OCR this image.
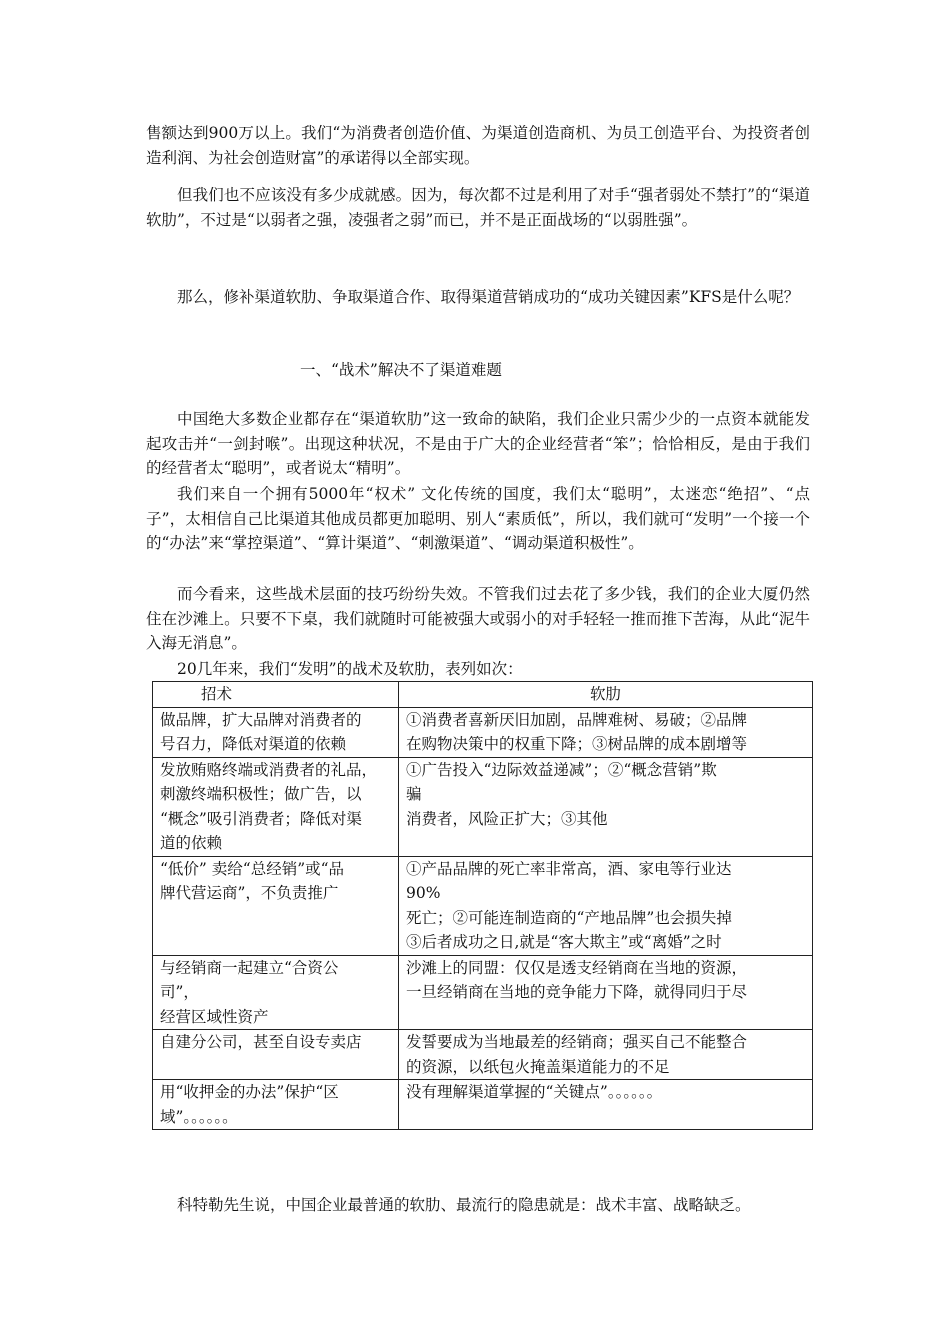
售额达到900万以上。我们“为消费者创造价值、为渠道创造商机、为员工创造平台、为投资者创造利润、为社会创造财富”的承诺得以全部实现。

但我们也不应该没有多少成就感。因为，每次都不过是利用了对手“强者弱处不禁打”的“渠道软肋”，不过是“以弱者之强，凌强者之弱”而已，并不是正面战场的“以弱胜强”。

那么，修补渠道软肋、争取渠道合作、取得渠道营销成功的“成功关键因素”KFS是什么呢？

一、“战术”解决不了渠道难题

中国绝大多数企业都存在“渠道软肋”这一致命的缺陷，我们企业只需少少的一点资本就能发起攻击并“一剑封喉”。出现这种状况，不是由于广大的企业经营者“笨”；恰恰相反，是由于我们的经营者太“聪明”，或者说太“精明”。

我们来自一个拥有5000年“权术” 文化传统的国度，我们太“聪明”，太迷恋“绝招”、“点子”，太相信自己比渠道其他成员都更加聪明、别人“素质低”，所以，我们就可“发明”一个接一个的“办法”来“掌控渠道”、“算计渠道”、“刺激渠道”、“调动渠道积极性”。

而今看来，这些战术层面的技巧纷纷失效。不管我们过去花了多少钱，我们的企业大厦仍然住在沙滩上。只要不下桌，我们就随时可能被强大或弱小的对手轻轻一推而推下苦海，从此“泥牛入海无消息”。

20几年来，我们“发明”的战术及软肋，表列如次：

招术	软肋

做品牌，扩大品牌对消费者的
号召力，降低对渠道的依赖	①消费者喜新厌旧加剧，品牌难树、易破；②品牌
在购物决策中的权重下降；③树品牌的成本剧增等

发放贿赂终端或消费者的礼品，
刺激终端积极性；做广告，以
“概念”吸引消费者；降低对渠
道的依赖	①广告投入“边际效益递减”；②“概念营销”欺
骗
消费者，风险正扩大；③其他

“低价” 卖给“总经销”或“品
牌代营运商”，不负责推广	①产品品牌的死亡率非常高，酒、家电等行业达
90%
死亡；②可能连制造商的“产地品牌”也会损失掉
③后者成功之日,就是“客大欺主”或“离婚”之时

与经销商一起建立“合资公
司”，
经营区域性资产	沙滩上的同盟：仅仅是透支经销商在当地的资源，
一旦经销商在当地的竞争能力下降，就得同归于尽

自建分公司，甚至自设专卖店	发誓要成为当地最差的经销商；强买自己不能整合
的资源，以纸包火掩盖渠道能力的不足

用“收押金的办法”保护“区
域”。。。。。。	没有理解渠道掌握的“关键点”。。。。。。

科特勒先生说，中国企业最普通的软肋、最流行的隐患就是：战术丰富、战略缺乏。
